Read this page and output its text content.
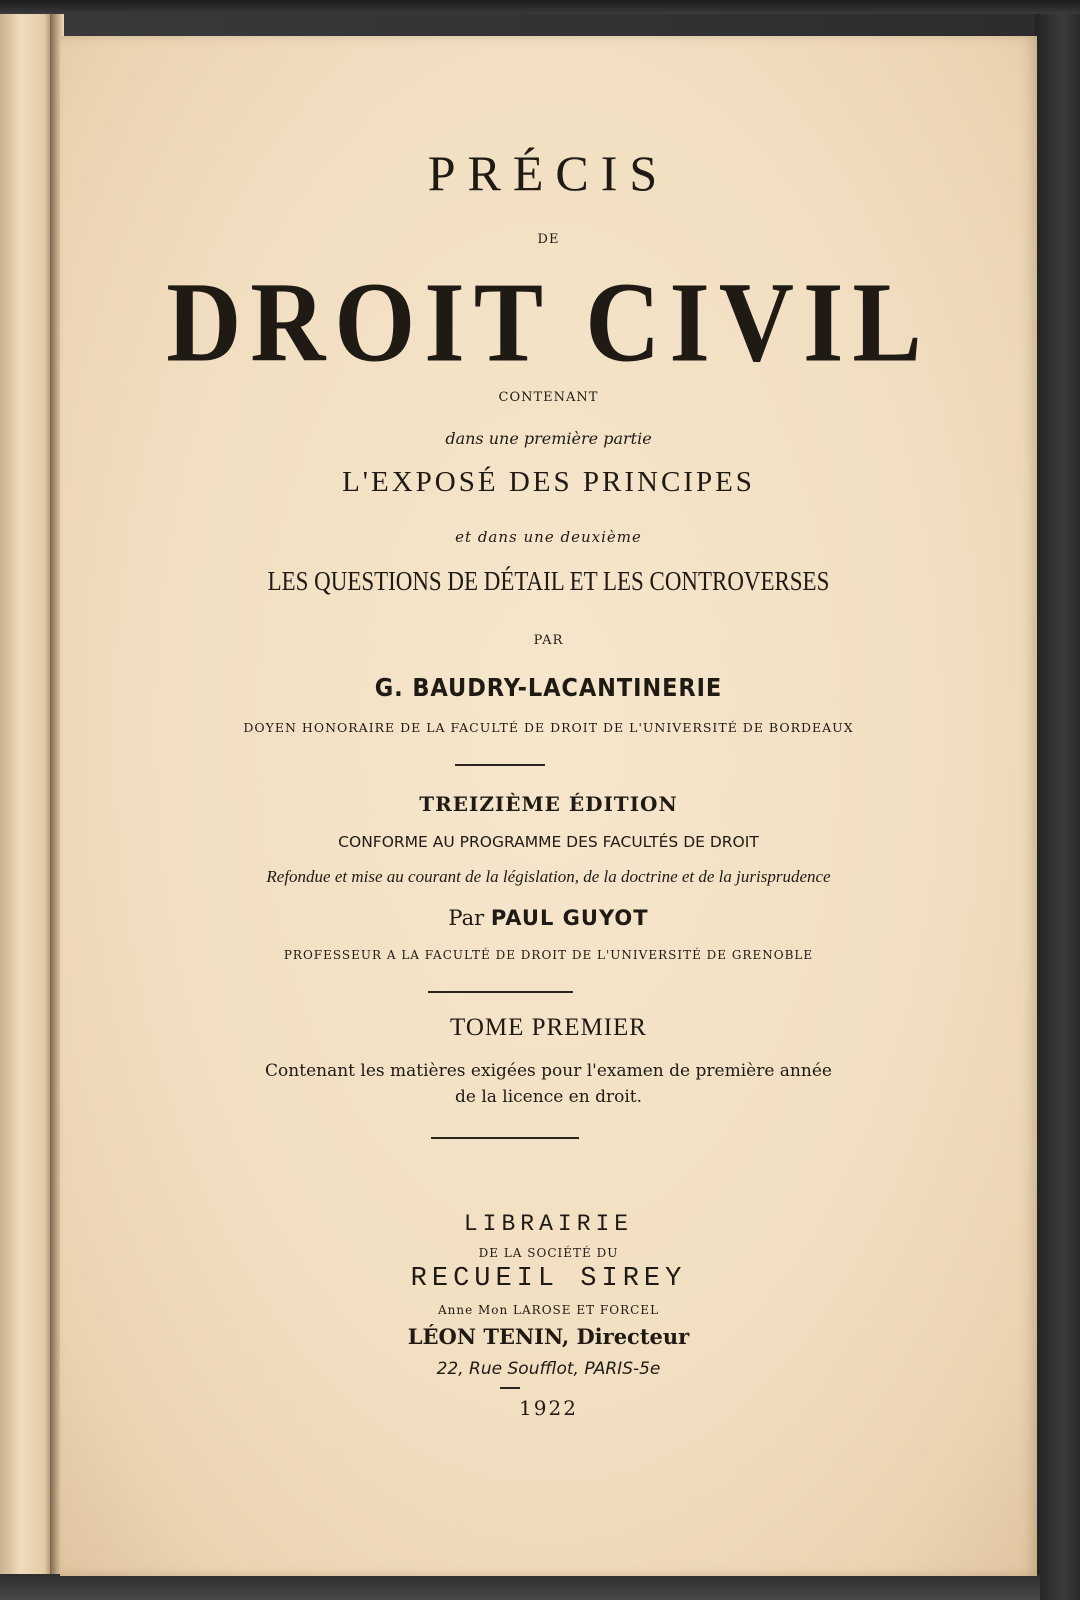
PRÉCIS
DE
DROIT CIVIL
CONTENANT
dans une première partie
L'EXPOSÉ DES PRINCIPES
et dans une deuxième
LES QUESTIONS DE DÉTAIL ET LES CONTROVERSES
PAR
G. BAUDRY-LACANTINERIE
DOYEN HONORAIRE DE LA FACULTÉ DE DROIT DE L'UNIVERSITÉ DE BORDEAUX
TREIZIÈME ÉDITION
CONFORME AU PROGRAMME DES FACULTÉS DE DROIT
Refondue et mise au courant de la législation, de la doctrine et de la jurisprudence
Par PAUL GUYOT
PROFESSEUR A LA FACULTÉ DE DROIT DE L'UNIVERSITÉ DE GRENOBLE
TOME PREMIER
Contenant les matières exigées pour l'examen de première année
de la licence en droit.
LIBRAIRIE
DE LA SOCIÉTÉ DU
RECUEIL SIREY
Anne Mon LAROSE ET FORCEL
LÉON TENIN, Directeur
22, Rue Soufflot, PARIS-5e
1922
